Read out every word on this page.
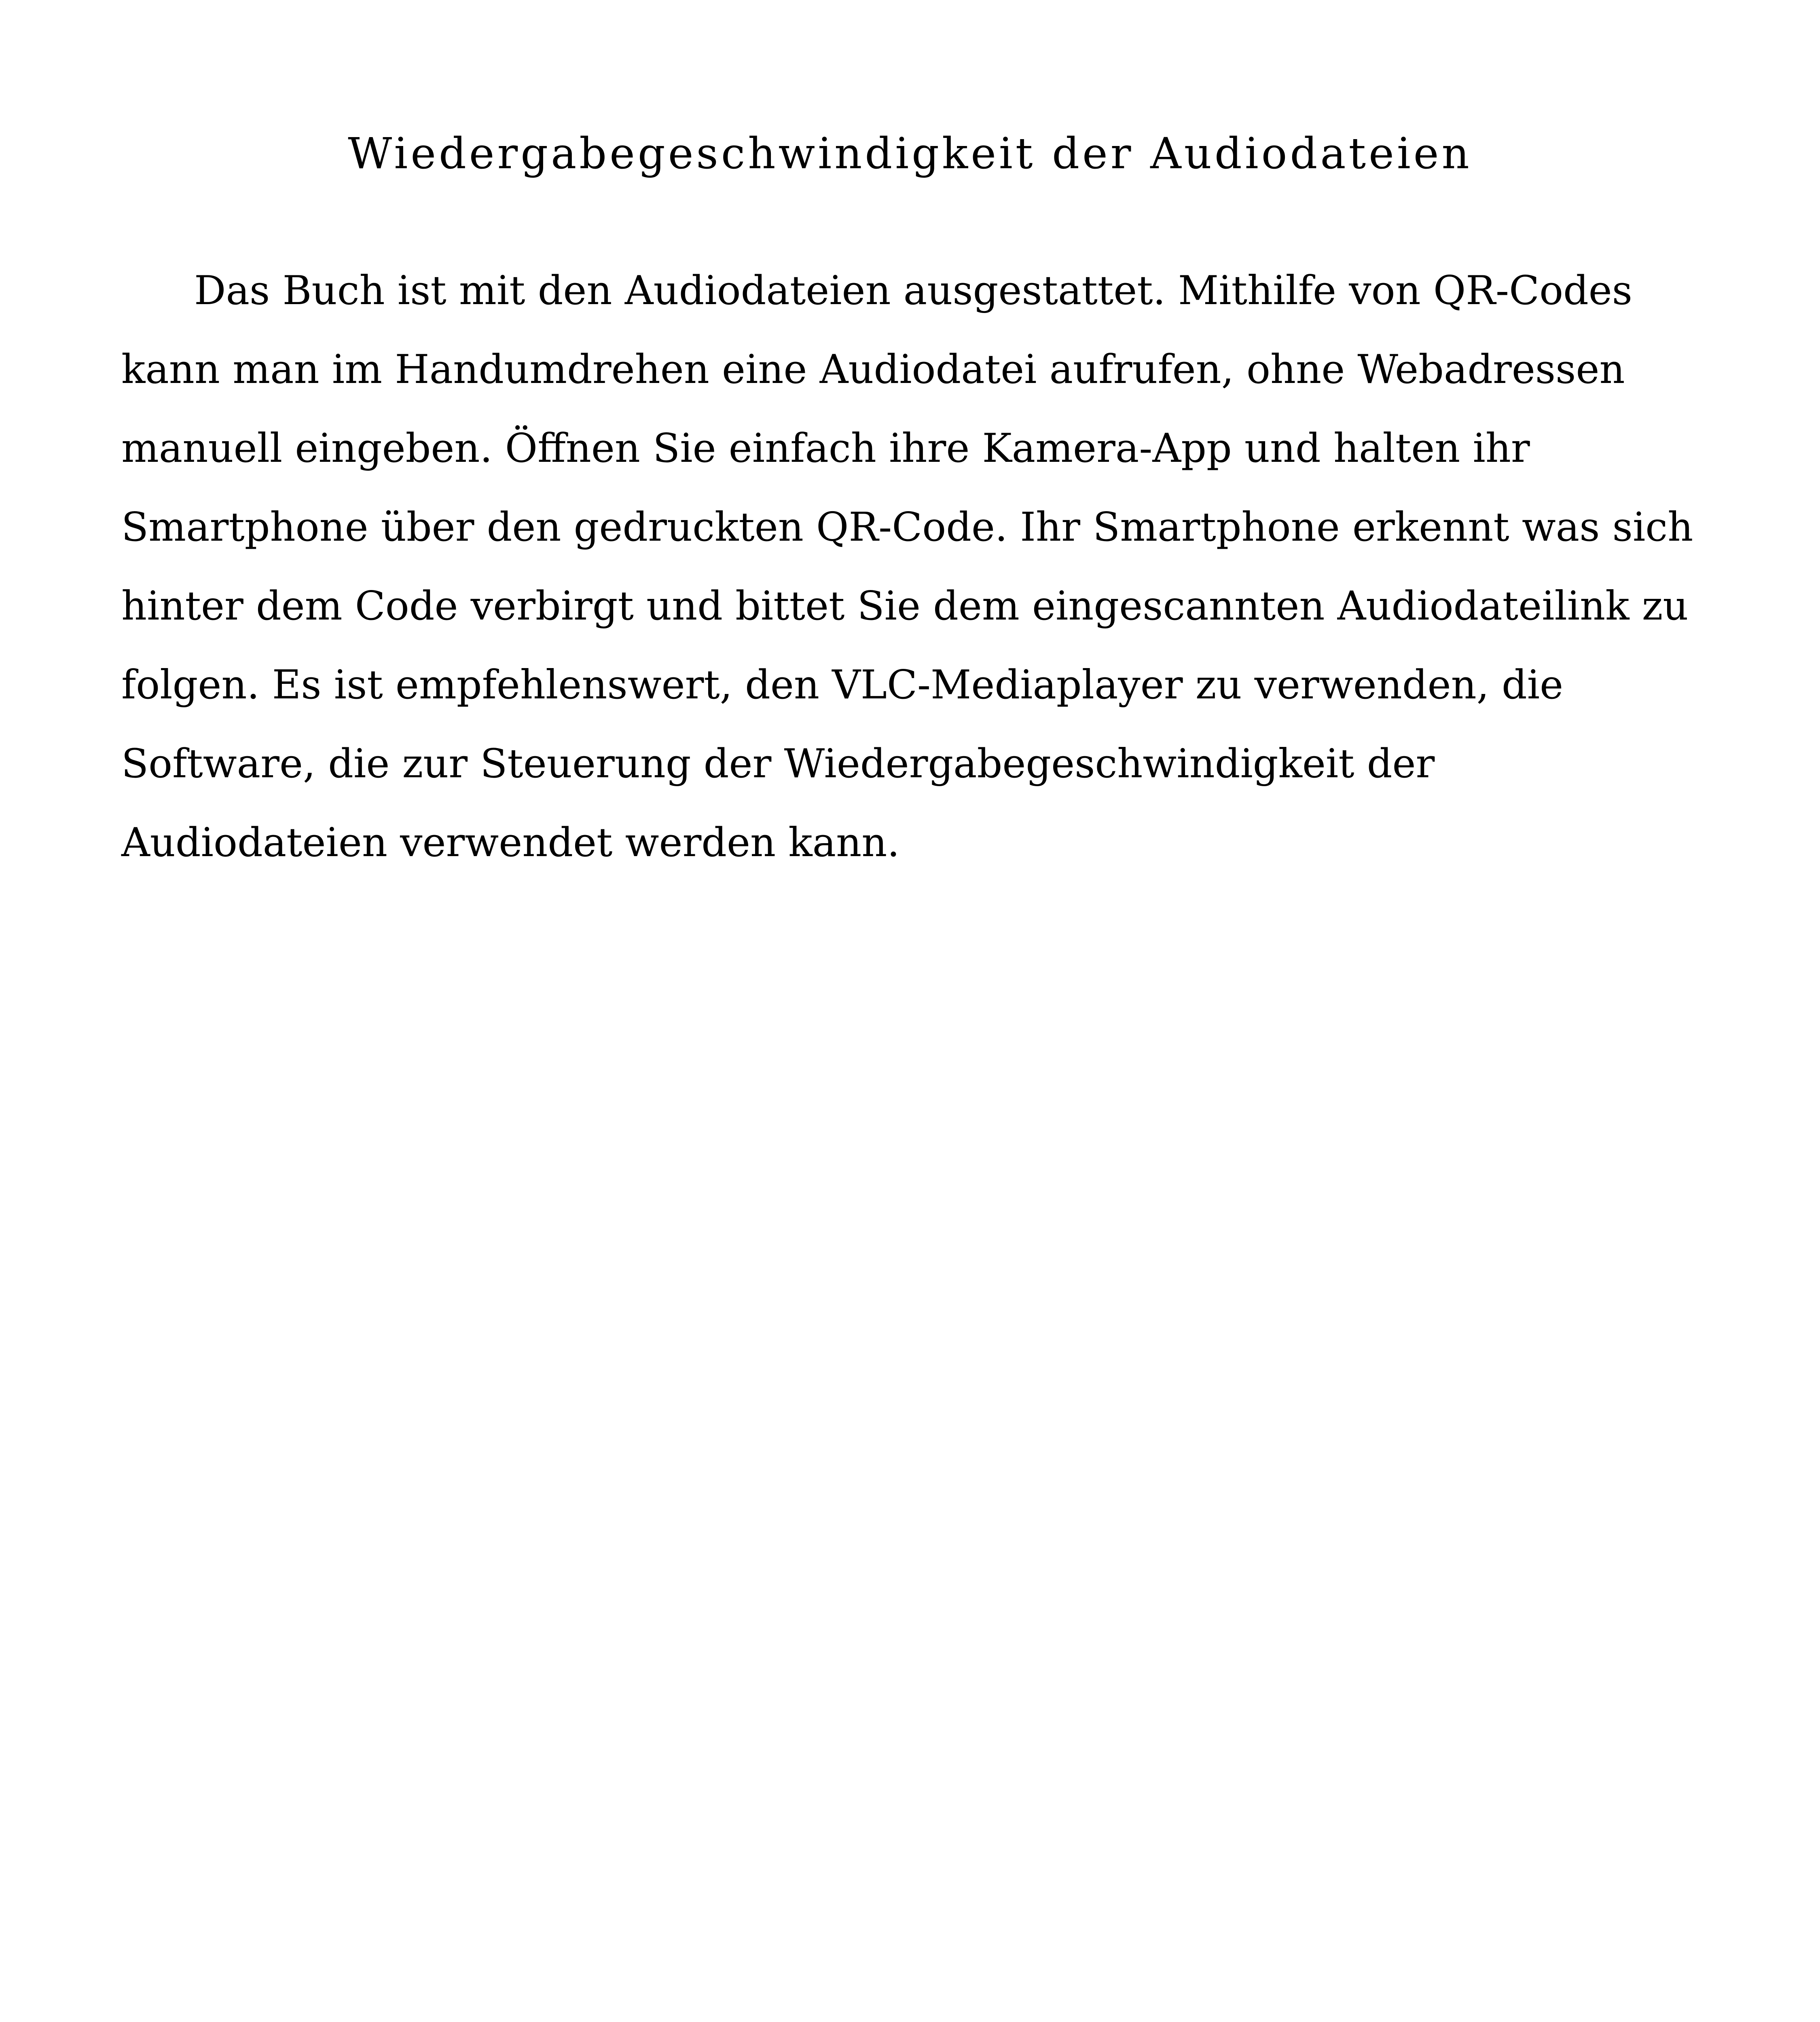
Wiedergabegeschwindigkeit der Audiodateien

Das Buch ist mit den Audiodateien ausgestattet. Mithilfe von QR-Codes
kann man im Handumdrehen eine Audiodatei aufrufen, ohne Webadressen
manuell eingeben. Öffnen Sie einfach ihre Kamera-App und halten ihr
Smartphone über den gedruckten QR-Code. Ihr Smartphone erkennt was sich
hinter dem Code verbirgt und bittet Sie dem eingescannten Audiodateilink zu
folgen. Es ist empfehlenswert, den VLC-Mediaplayer zu verwenden, die
Software, die zur Steuerung der Wiedergabegeschwindigkeit der
Audiodateien verwendet werden kann.
